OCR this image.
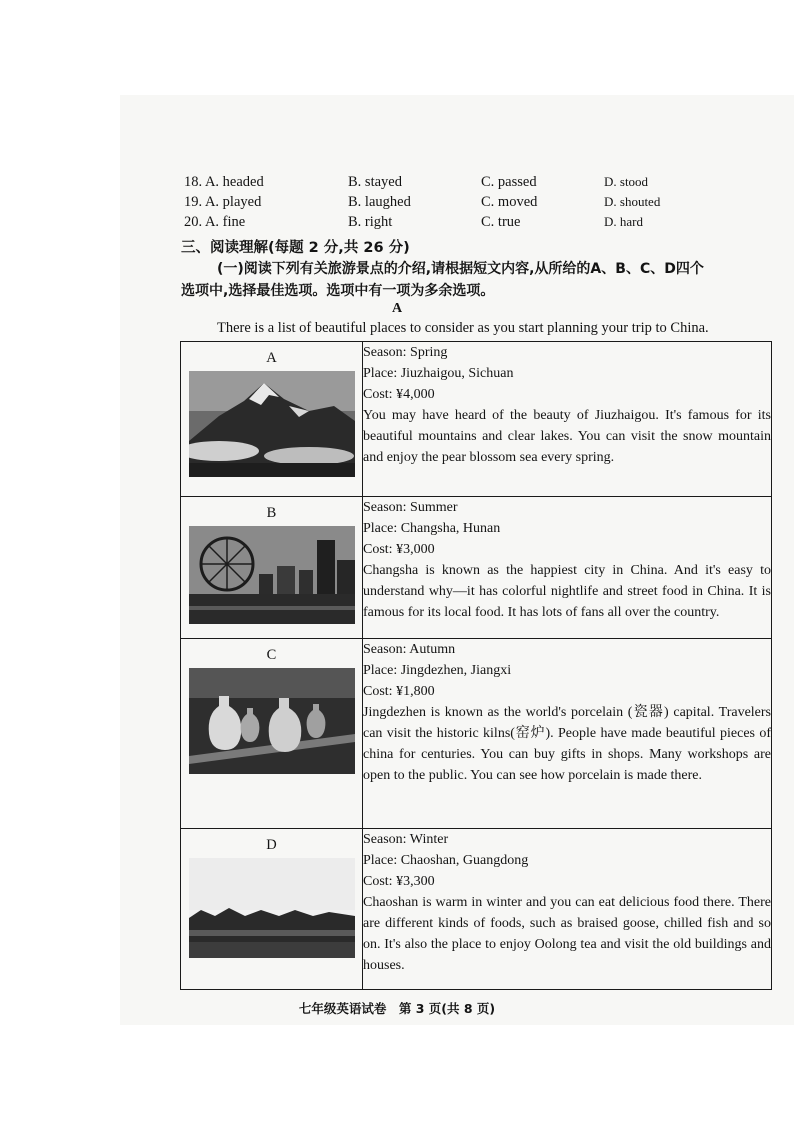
18. A. headed	B. stayed	C. passed	D. stood
19. A. played	B. laughed	C. moved	D. shouted
20. A. fine	B. right	C. true	D. hard
三、阅读理解(每题 2 分,共 26 分)
(一)阅读下列有关旅游景点的介绍,请根据短文内容,从所给的A、B、C、D四个
选项中,选择最佳选项。选项中有一项为多余选项。
A
There is a list of beautiful places to consider as you start planning your trip to China.
A	Season: Spring
Place: Jiuzhaigou, Sichuan
Cost: ¥4,000
You may have heard of the beauty of Jiuzhaigou. It's famous for its beautiful mountains and clear lakes. You can visit the snow mountain and enjoy the pear blossom sea every spring.

B	Season: Summer
Place: Changsha, Hunan
Cost: ¥3,000
Changsha is known as the happiest city in China. And it's easy to understand why—it has colorful nightlife and street food in China. It is famous for its local food. It has lots of fans all over the country.

C	Season: Autumn
Place: Jingdezhen, Jiangxi
Cost: ¥1,800
Jingdezhen is known as the world's porcelain (瓷器) capital. Travelers can visit the historic kilns(窑炉). People have made beautiful pieces of china for centuries. You can buy gifts in shops. Many workshops are open to the public. You can see how porcelain is made there.

D	Season: Winter
Place: Chaoshan, Guangdong
Cost: ¥3,300
Chaoshan is warm in winter and you can eat delicious food there. There are different kinds of foods, such as braised goose, chilled fish and so on. It's also the place to enjoy Oolong tea and visit the old buildings and houses.
七年级英语试卷　第 3 页(共 8 页)
